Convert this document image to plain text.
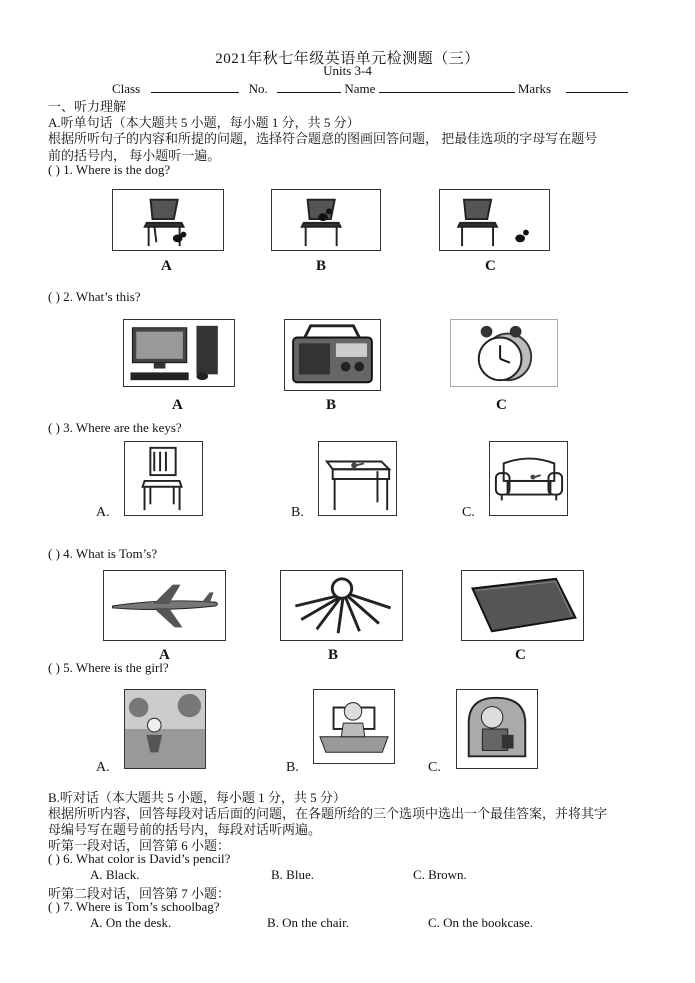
2021年秋七年级英语单元检测题（三）
Units 3-4
Class	No.	Name	Marks
一、听力理解
A.听单句话（本大题共 5 小题，每小题 1 分，共 5 分）
根据所听句子的内容和所提的问题，选择符合题意的图画回答问题， 把最佳选项的字母写在题号
前的括号内， 每小题听一遍。
( ) 1. Where is the dog?
A	B	C
( ) 2. What’s this?
A	B	C
( ) 3. Where are the keys?
A.	B.	C.
( ) 4. What is Tom’s?
A	B	C
( ) 5. Where is the girl?
A.	B.	C.
B.听对话（本大题共 5 小题，每小题 1 分，共 5 分）
根据所听内容，回答每段对话后面的问题，在各题所给的三个选项中选出一个最佳答案，并将其字
母编号写在题号前的括号内，每段对话听两遍。
听第一段对话，回答第 6 小题：
( ) 6. What color is David’s pencil?
A. Black.	B. Blue.	C. Brown.
听第二段对话，回答第 7 小题：
( ) 7. Where is Tom’s schoolbag?
A. On the desk.	B. On the chair.	C. On the bookcase.
